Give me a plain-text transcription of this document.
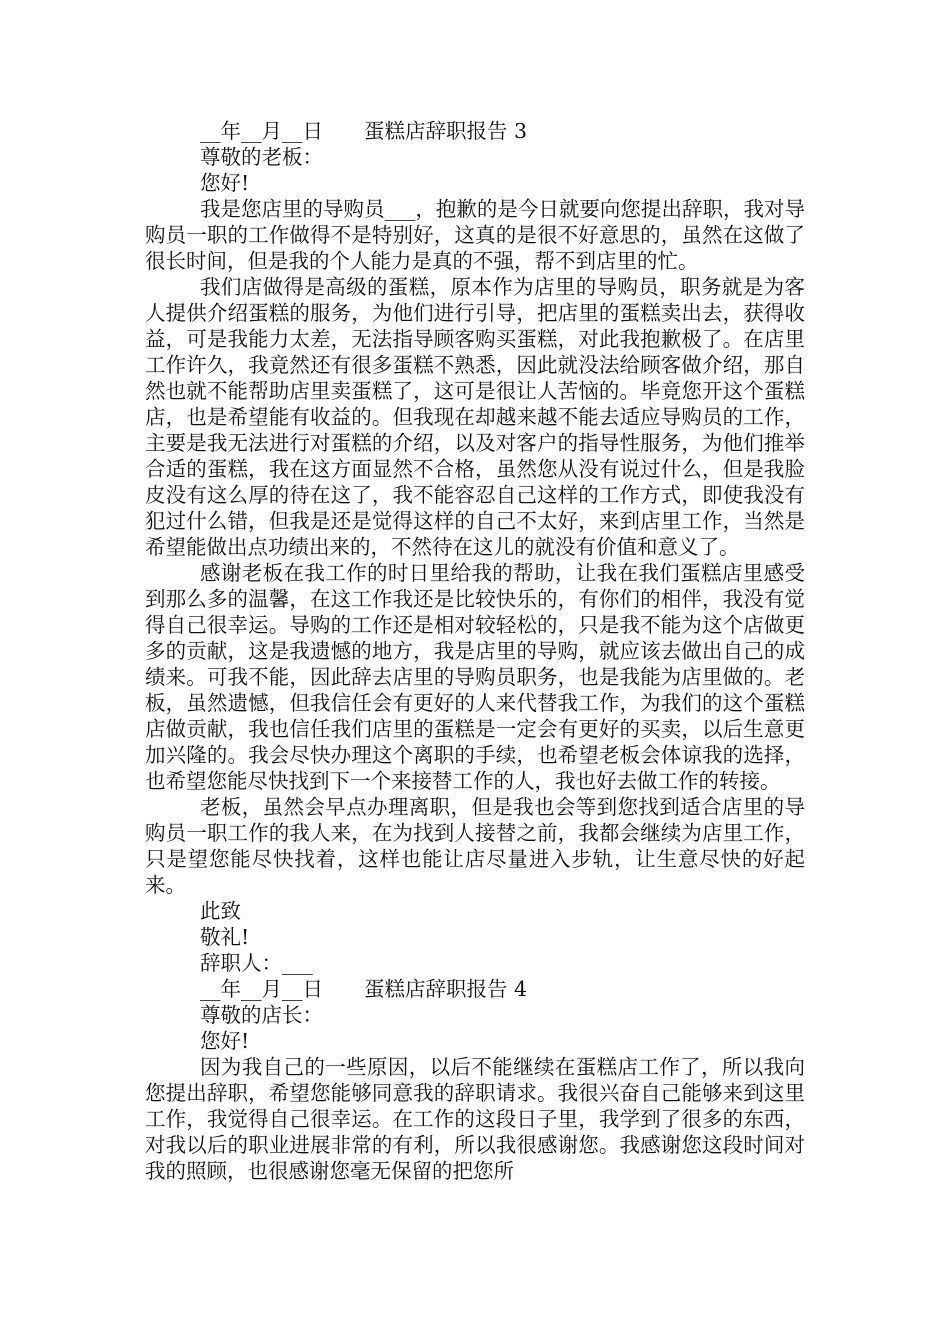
__年__月__日　　蛋糕店辞职报告 3

尊敬的老板：

您好!

我是您店里的导购员___，抱歉的是今日就要向您提出辞职，我对导购员一职的工作做得不是特别好，这真的是很不好意思的，虽然在这做了很长时间，但是我的个人能力是真的不强，帮不到店里的忙。

我们店做得是高级的蛋糕，原本作为店里的导购员，职务就是为客人提供介绍蛋糕的服务，为他们进行引导，把店里的蛋糕卖出去，获得收益，可是我能力太差，无法指导顾客购买蛋糕，对此我抱歉极了。在店里工作许久，我竟然还有很多蛋糕不熟悉，因此就没法给顾客做介绍，那自然也就不能帮助店里卖蛋糕了，这可是很让人苦恼的。毕竟您开这个蛋糕店，也是希望能有收益的。但我现在却越来越不能去适应导购员的工作，主要是我无法进行对蛋糕的介绍，以及对客户的指导性服务，为他们推举合适的蛋糕，我在这方面显然不合格，虽然您从没有说过什么，但是我脸皮没有这么厚的待在这了，我不能容忍自己这样的工作方式，即使我没有犯过什么错，但我是还是觉得这样的自己不太好，来到店里工作，当然是希望能做出点功绩出来的，不然待在这儿的就没有价值和意义了。

感谢老板在我工作的时日里给我的帮助，让我在我们蛋糕店里感受到那么多的温馨，在这工作我还是比较快乐的，有你们的相伴，我没有觉得自己很幸运。导购的工作还是相对较轻松的，只是我不能为这个店做更多的贡献，这是我遗憾的地方，我是店里的导购，就应该去做出自己的成绩来。可我不能，因此辞去店里的导购员职务，也是我能为店里做的。老板，虽然遗憾，但我信任会有更好的人来代替我工作，为我们的这个蛋糕店做贡献，我也信任我们店里的蛋糕是一定会有更好的买卖，以后生意更加兴隆的。我会尽快办理这个离职的手续，也希望老板会体谅我的选择，也希望您能尽快找到下一个来接替工作的人，我也好去做工作的转接。

老板，虽然会早点办理离职，但是我也会等到您找到适合店里的导购员一职工作的我人来，在为找到人接替之前，我都会继续为店里工作，只是望您能尽快找着，这样也能让店尽量进入步轨，让生意尽快的好起来。

此致

敬礼!

辞职人：___

__年__月__日　　蛋糕店辞职报告 4

尊敬的店长：

您好!

因为我自己的一些原因，以后不能继续在蛋糕店工作了，所以我向您提出辞职，希望您能够同意我的辞职请求。我很兴奋自己能够来到这里工作，我觉得自己很幸运。在工作的这段日子里，我学到了很多的东西，对我以后的职业进展非常的有利，所以我很感谢您。我感谢您这段时间对我的照顾，也很感谢您毫无保留的把您所
